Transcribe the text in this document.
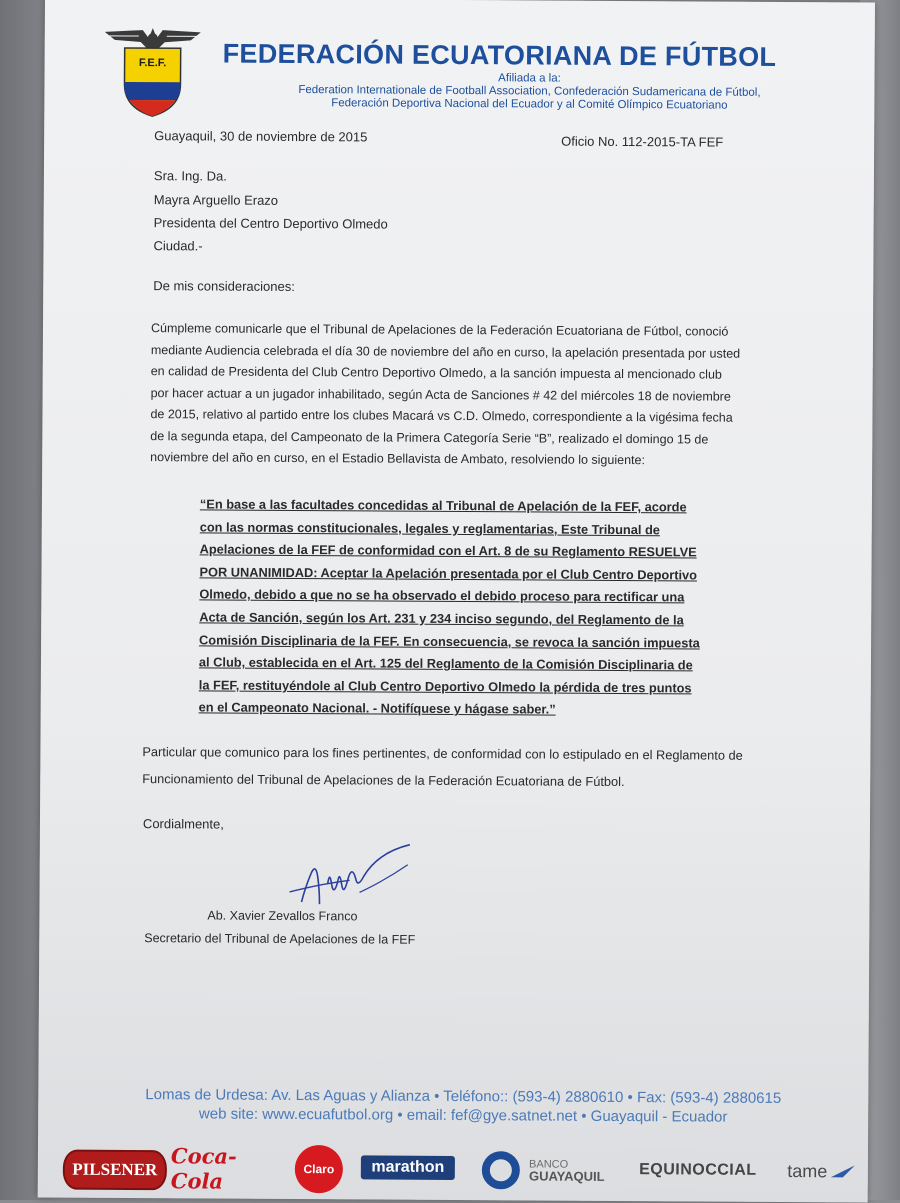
F.E.F. FEDERACIÓN ECUATORIANA DE FÚTBOL
Afiliada a la:
Federation Internationale de Football Association, Confederación Sudamericana de Fútbol,
Federación Deportiva Nacional del Ecuador y al Comité Olímpico Ecuatoriano
Guayaquil, 30 de noviembre de 2015	Oficio No. 112-2015-TA FEF
Sra. Ing. Da.
Mayra Arguello Erazo
Presidenta del Centro Deportivo Olmedo
Ciudad.-
De mis consideraciones:
Cúmpleme comunicarle que el Tribunal de Apelaciones de la Federación Ecuatoriana de Fútbol, conoció
mediante Audiencia celebrada el día 30 de noviembre del año en curso, la apelación presentada por usted
en calidad de Presidenta del Club Centro Deportivo Olmedo, a la sanción impuesta al mencionado club
por hacer actuar a un jugador inhabilitado, según Acta de Sanciones # 42 del miércoles 18 de noviembre
de 2015, relativo al partido entre los clubes Macará vs C.D. Olmedo, correspondiente a la vigésima fecha
de la segunda etapa, del Campeonato de la Primera Categoría Serie “B”, realizado el domingo 15 de
noviembre del año en curso, en el Estadio Bellavista de Ambato, resolviendo lo siguiente:
“En base a las facultades concedidas al Tribunal de Apelación de la FEF, acorde
con las normas constitucionales, legales y reglamentarias, Este Tribunal de
Apelaciones de la FEF de conformidad con el Art. 8 de su Reglamento RESUELVE
POR UNANIMIDAD: Aceptar la Apelación presentada por el Club Centro Deportivo
Olmedo, debido a que no se ha observado el debido proceso para rectificar una
Acta de Sanción, según los Art. 231 y 234 inciso segundo, del Reglamento de la
Comisión Disciplinaria de la FEF. En consecuencia, se revoca la sanción impuesta
al Club, establecida en el Art. 125 del Reglamento de la Comisión Disciplinaria de
la FEF, restituyéndole al Club Centro Deportivo Olmedo la pérdida de tres puntos
en el Campeonato Nacional. - Notifíquese y hágase saber.”
Particular que comunico para los fines pertinentes, de conformidad con lo estipulado en el Reglamento de
Funcionamiento del Tribunal de Apelaciones de la Federación Ecuatoriana de Fútbol.
Cordialmente,
Ab. Xavier Zevallos Franco
Secretario del Tribunal de Apelaciones de la FEF
Lomas de Urdesa: Av. Las Aguas y Alianza • Teléfono:: (593-4) 2880610 • Fax: (593-4) 2880615
web site: www.ecuafutbol.org • email: fef@gye.satnet.net • Guayaquil - Ecuador
PILSENER
Coca-Cola	Claro marathon	BANCO
GUAYAQUIL EQUINOCCIAL tame
